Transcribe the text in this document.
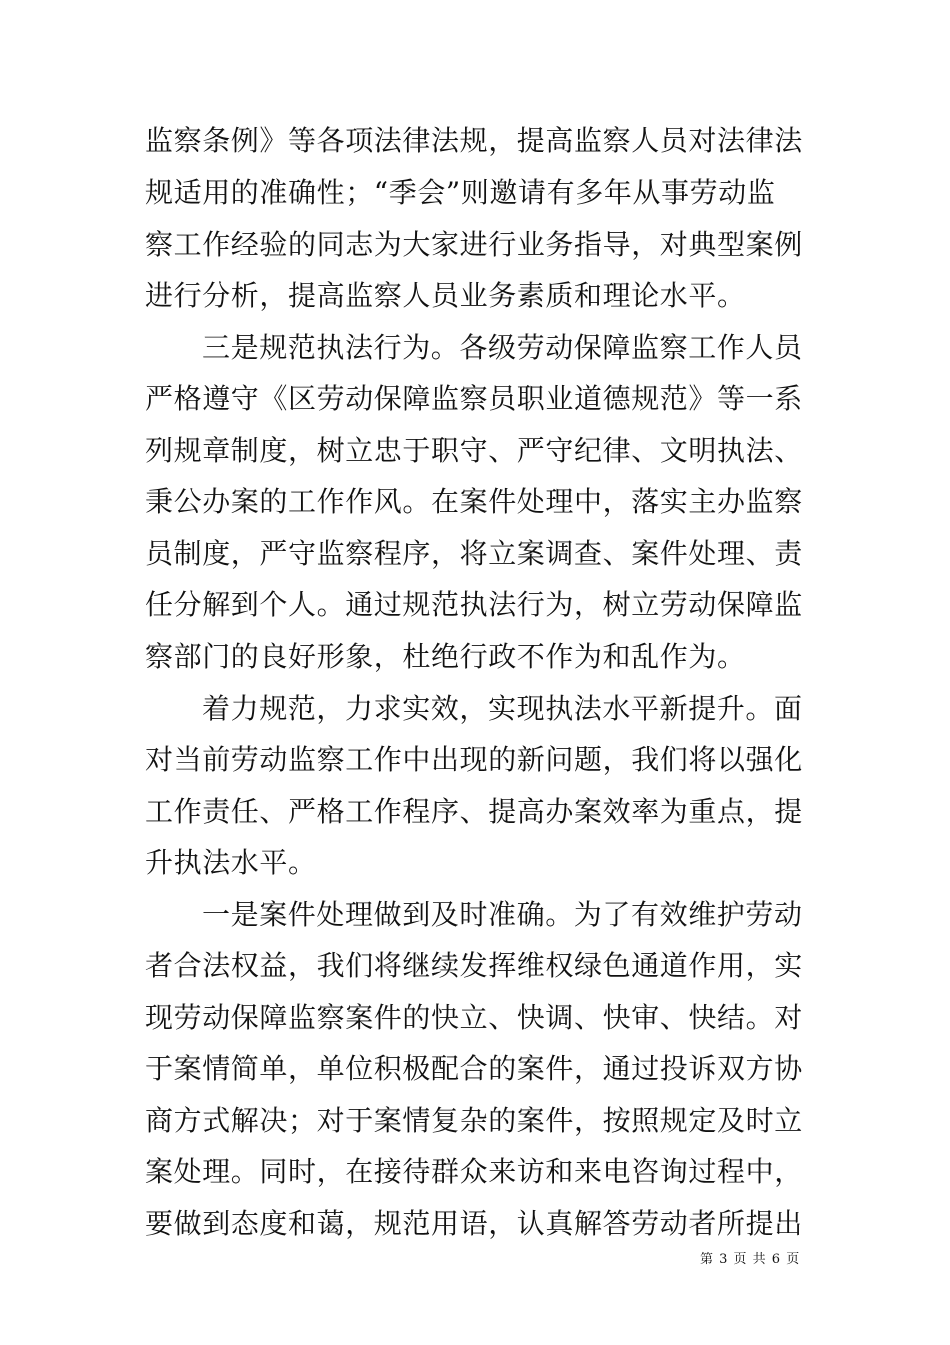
监察条例》等各项法律法规，提高监察人员对法律法
规适用的准确性；“季会”则邀请有多年从事劳动监
察工作经验的同志为大家进行业务指导，对典型案例
进行分析，提高监察人员业务素质和理论水平。
三是规范执法行为。各级劳动保障监察工作人员
严格遵守《区劳动保障监察员职业道德规范》等一系
列规章制度，树立忠于职守、严守纪律、文明执法、
秉公办案的工作作风。在案件处理中，落实主办监察
员制度，严守监察程序，将立案调查、案件处理、责
任分解到个人。通过规范执法行为，树立劳动保障监
察部门的良好形象，杜绝行政不作为和乱作为。
着力规范，力求实效，实现执法水平新提升。面
对当前劳动监察工作中出现的新问题，我们将以强化
工作责任、严格工作程序、提高办案效率为重点，提
升执法水平。
一是案件处理做到及时准确。为了有效维护劳动
者合法权益，我们将继续发挥维权绿色通道作用，实
现劳动保障监察案件的快立、快调、快审、快结。对
于案情简单，单位积极配合的案件，通过投诉双方协
商方式解决；对于案情复杂的案件，按照规定及时立
案处理。同时，在接待群众来访和来电咨询过程中，
要做到态度和蔼，规范用语，认真解答劳动者所提出
第 3 页 共 6 页
